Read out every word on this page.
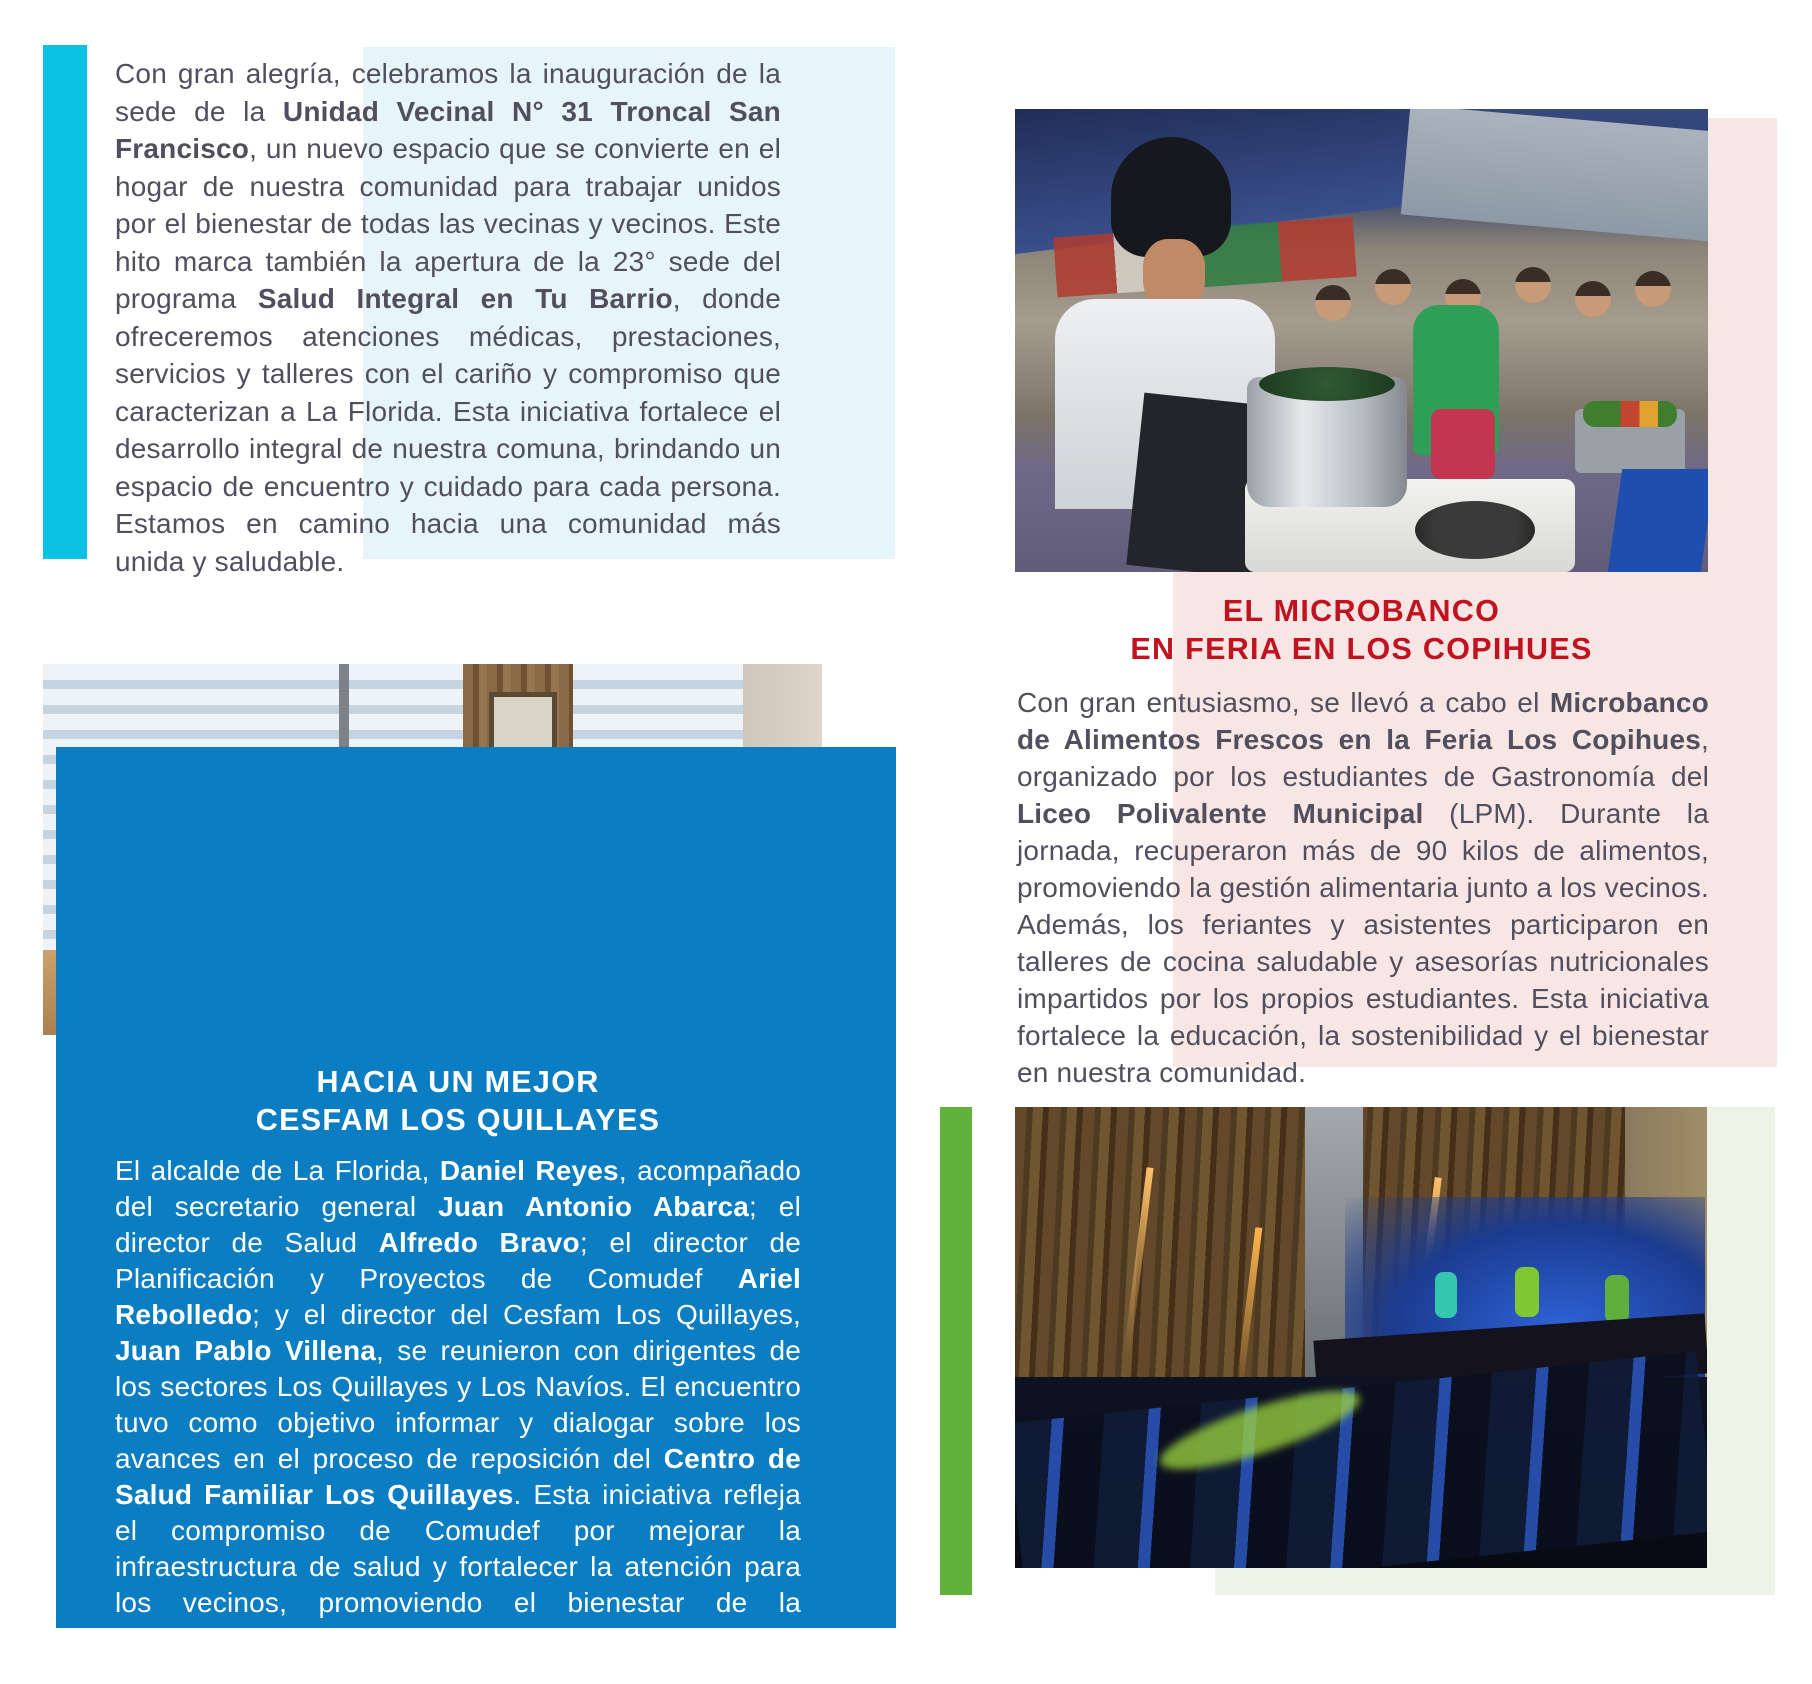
Con gran alegría, celebramos la inauguración de la sede de la Unidad Vecinal N° 31 Troncal San Francisco, un nuevo espacio que se convierte en el hogar de nuestra comunidad para trabajar unidos por el bienestar de todas las vecinas y vecinos. Este hito marca también la apertura de la 23° sede del programa Salud Integral en Tu Barrio, donde ofreceremos atenciones médicas, prestaciones, servicios y talleres con el cariño y compromiso que caracterizan a La Florida. Esta iniciativa fortalece el desarrollo integral de nuestra comuna, brindando un espacio de encuentro y cuidado para cada persona. Estamos en camino hacia una comunidad más unida y saludable.

HACIA UN MEJOR
CESFAM LOS QUILLAYES

El alcalde de La Florida, Daniel Reyes, acompañado del secretario general Juan Antonio Abarca; el director de Salud Alfredo Bravo; el director de Planificación y Proyectos de Comudef Ariel Rebolledo; y el director del Cesfam Los Quillayes, Juan Pablo Villena, se reunieron con dirigentes de los sectores Los Quillayes y Los Navíos. El encuentro tuvo como objetivo informar y dialogar sobre los avances en el proceso de reposición del Centro de Salud Familiar Los Quillayes. Esta iniciativa refleja el compromiso de Comudef por mejorar la infraestructura de salud y fortalecer la atención para los vecinos, promoviendo el bienestar de la comunidad.

EL MICROBANCO
EN FERIA EN LOS COPIHUES

Con gran entusiasmo, se llevó a cabo el Microbanco de Alimentos Frescos en la Feria Los Copihues, organizado por los estudiantes de Gastronomía del Liceo Polivalente Municipal (LPM). Durante la jornada, recuperaron más de 90 kilos de alimentos, promoviendo la gestión alimentaria junto a los vecinos. Además, los feriantes y asistentes participaron en talleres de cocina saludable y asesorías nutricionales impartidos por los propios estudiantes. Esta iniciativa fortalece la educación, la sostenibilidad y el bienestar en nuestra comunidad.
